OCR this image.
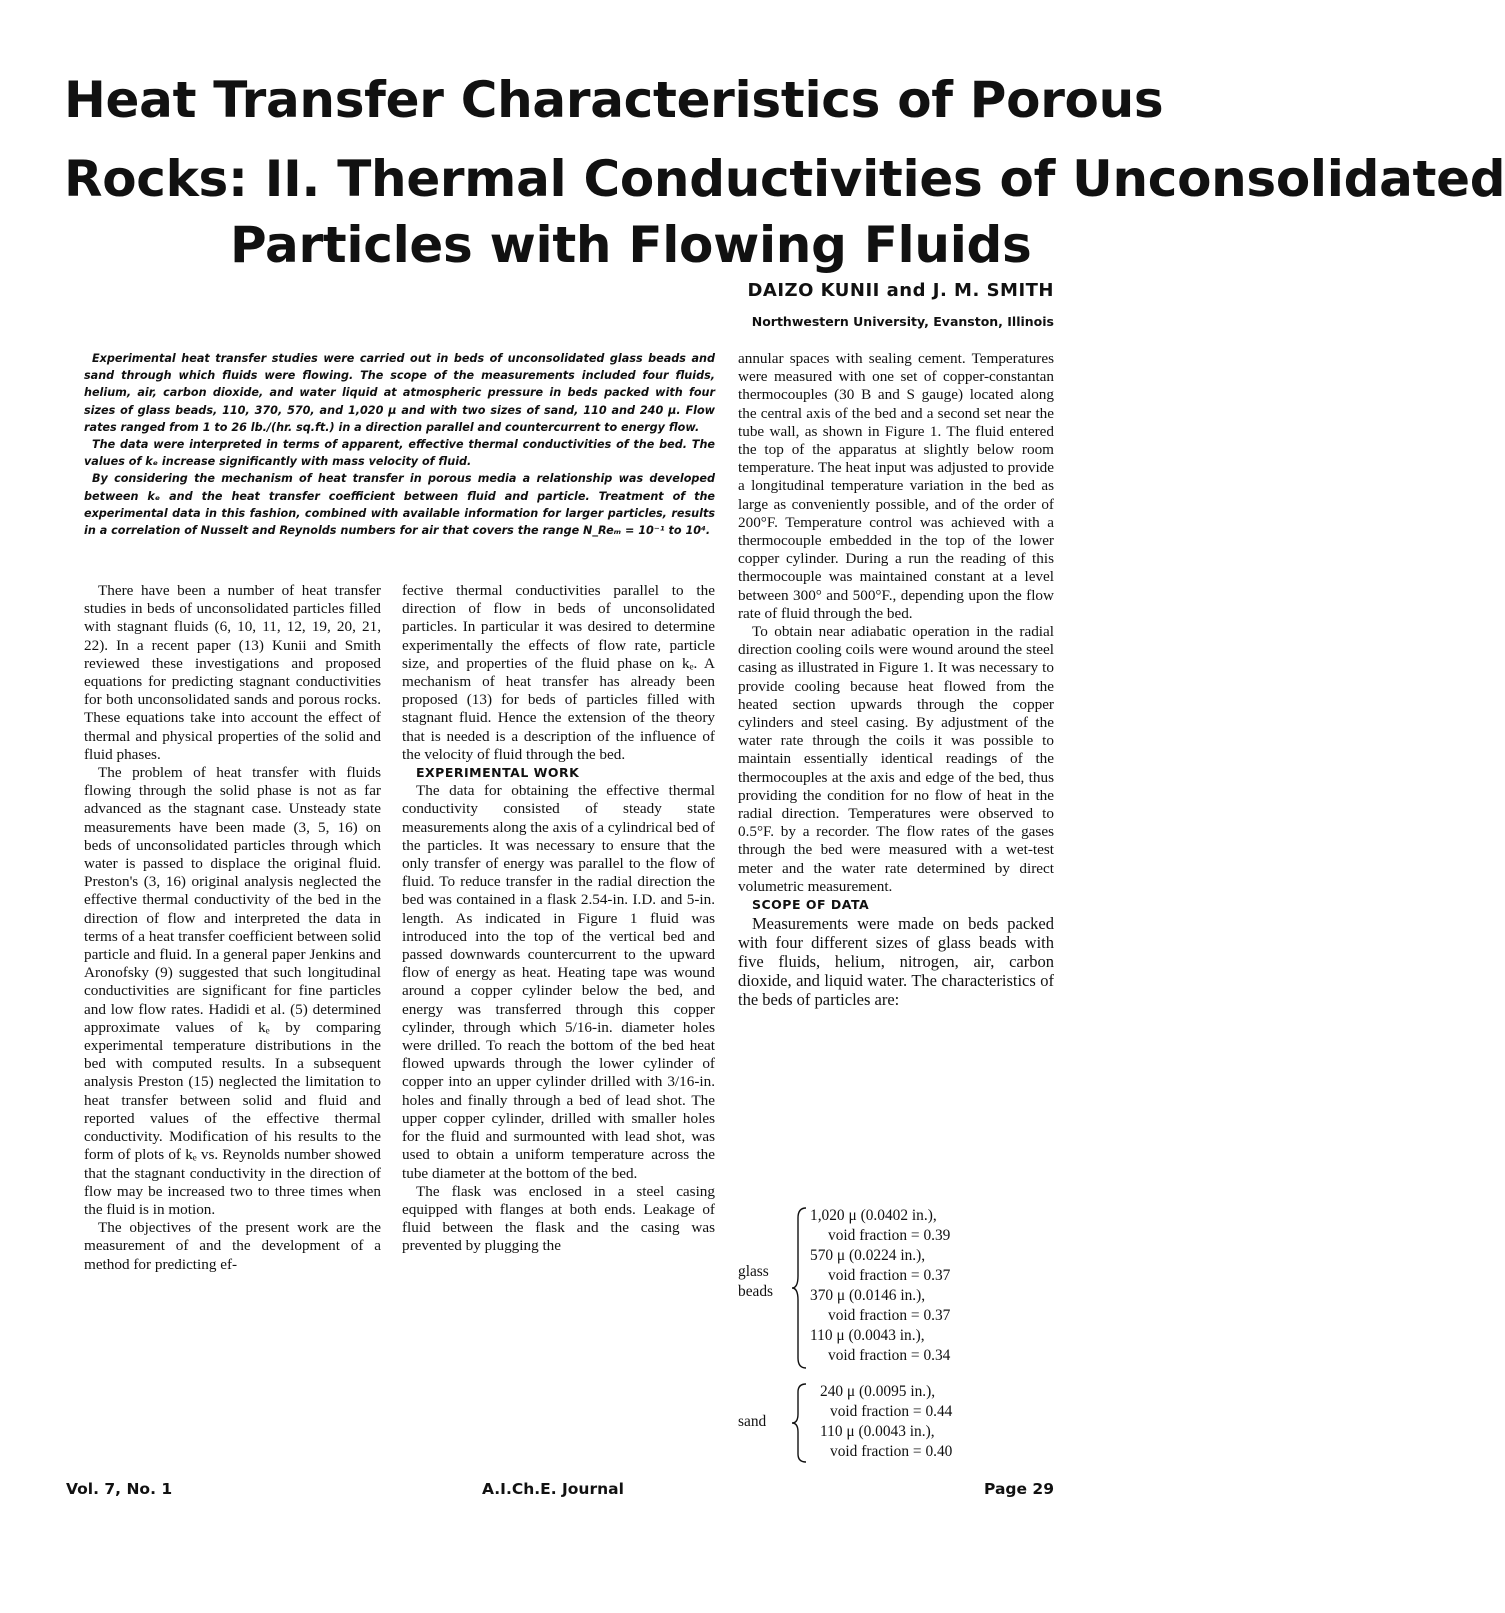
Heat Transfer Characteristics of Porous
Rocks: II. Thermal Conductivities of Unconsolidated
Particles with Flowing Fluids
DAIZO KUNII and J. M. SMITH
Northwestern University, Evanston, Illinois

Experimental heat transfer studies were carried out in beds of unconsolidated glass beads and sand through which fluids were flowing. The scope of the measurements included four fluids, helium, air, carbon dioxide, and water liquid at atmospheric pressure in beds packed with four sizes of glass beads, 110, 370, 570, and 1,020 μ and with two sizes of sand, 110 and 240 μ. Flow rates ranged from 1 to 26 lb./(hr. sq.ft.) in a direction parallel and countercurrent to energy flow.

The data were interpreted in terms of apparent, effective thermal conductivities of the bed. The values of kₑ increase significantly with mass velocity of fluid.

By considering the mechanism of heat transfer in porous media a relationship was developed between kₑ and the heat transfer coefficient between fluid and particle. Treatment of the experimental data in this fashion, combined with available information for larger particles, results in a correlation of Nusselt and Reynolds numbers for air that covers the range N_Reₘ = 10⁻¹ to 10⁴.

There have been a number of heat transfer studies in beds of unconsolidated particles filled with stagnant fluids (6, 10, 11, 12, 19, 20, 21, 22). In a recent paper (13) Kunii and Smith reviewed these investigations and proposed equations for predicting stagnant conductivities for both unconsolidated sands and porous rocks. These equations take into account the effect of thermal and physical properties of the solid and fluid phases.

The problem of heat transfer with fluids flowing through the solid phase is not as far advanced as the stagnant case. Unsteady state measurements have been made (3, 5, 16) on beds of unconsolidated particles through which water is passed to displace the original fluid. Preston's (3, 16) original analysis neglected the effective thermal conductivity of the bed in the direction of flow and interpreted the data in terms of a heat transfer coefficient between solid particle and fluid. In a general paper Jenkins and Aronofsky (9) suggested that such longitudinal conductivities are significant for fine particles and low flow rates. Hadidi et al. (5) determined approximate values of kₑ by comparing experimental temperature distributions in the bed with computed results. In a subsequent analysis Preston (15) neglected the limitation to heat transfer between solid and fluid and reported values of the effective thermal conductivity. Modification of his results to the form of plots of kₑ vs. Reynolds number showed that the stagnant conductivity in the direction of flow may be increased two to three times when the fluid is in motion.

The objectives of the present work are the measurement of and the development of a method for predicting ef-

fective thermal conductivities parallel to the direction of flow in beds of unconsolidated particles. In particular it was desired to determine experimentally the effects of flow rate, particle size, and properties of the fluid phase on kₑ. A mechanism of heat transfer has already been proposed (13) for beds of particles filled with stagnant fluid. Hence the extension of the theory that is needed is a description of the influence of the velocity of fluid through the bed.

EXPERIMENTAL WORK

The data for obtaining the effective thermal conductivity consisted of steady state measurements along the axis of a cylindrical bed of the particles. It was necessary to ensure that the only transfer of energy was parallel to the flow of fluid. To reduce transfer in the radial direction the bed was contained in a flask 2.54-in. I.D. and 5-in. length. As indicated in Figure 1 fluid was introduced into the top of the vertical bed and passed downwards countercurrent to the upward flow of energy as heat. Heating tape was wound around a copper cylinder below the bed, and energy was transferred through this copper cylinder, through which 5/16-in. diameter holes were drilled. To reach the bottom of the bed heat flowed upwards through the lower cylinder of copper into an upper cylinder drilled with 3/16-in. holes and finally through a bed of lead shot. The upper copper cylinder, drilled with smaller holes for the fluid and surmounted with lead shot, was used to obtain a uniform temperature across the tube diameter at the bottom of the bed.

The flask was enclosed in a steel casing equipped with flanges at both ends. Leakage of fluid between the flask and the casing was prevented by plugging the

annular spaces with sealing cement. Temperatures were measured with one set of copper-constantan thermocouples (30 B and S gauge) located along the central axis of the bed and a second set near the tube wall, as shown in Figure 1. The fluid entered the top of the apparatus at slightly below room temperature. The heat input was adjusted to provide a longitudinal temperature variation in the bed as large as conveniently possible, and of the order of 200°F. Temperature control was achieved with a thermocouple embedded in the top of the lower copper cylinder. During a run the reading of this thermocouple was maintained constant at a level between 300° and 500°F., depending upon the flow rate of fluid through the bed.

To obtain near adiabatic operation in the radial direction cooling coils were wound around the steel casing as illustrated in Figure 1. It was necessary to provide cooling because heat flowed from the heated section upwards through the copper cylinders and steel casing. By adjustment of the water rate through the coils it was possible to maintain essentially identical readings of the thermocouples at the axis and edge of the bed, thus providing the condition for no flow of heat in the radial direction. Temperatures were observed to 0.5°F. by a recorder. The flow rates of the gases through the bed were measured with a wet-test meter and the water rate determined by direct volumetric measurement.

SCOPE OF DATA

Measurements were made on beds packed with four different sizes of glass beads with five fluids, helium, nitrogen, air, carbon dioxide, and liquid water. The characteristics of the beds of particles are:

glass
beads
1,020 μ (0.0402 in.),
void fraction = 0.39
570 μ (0.0224 in.),
void fraction = 0.37
370 μ (0.0146 in.),
void fraction = 0.37
110 μ (0.0043 in.),
void fraction = 0.34
sand
240 μ (0.0095 in.),
void fraction = 0.44
110 μ (0.0043 in.),
void fraction = 0.40
Vol. 7, No. 1	A.I.Ch.E. Journal	Page 29
